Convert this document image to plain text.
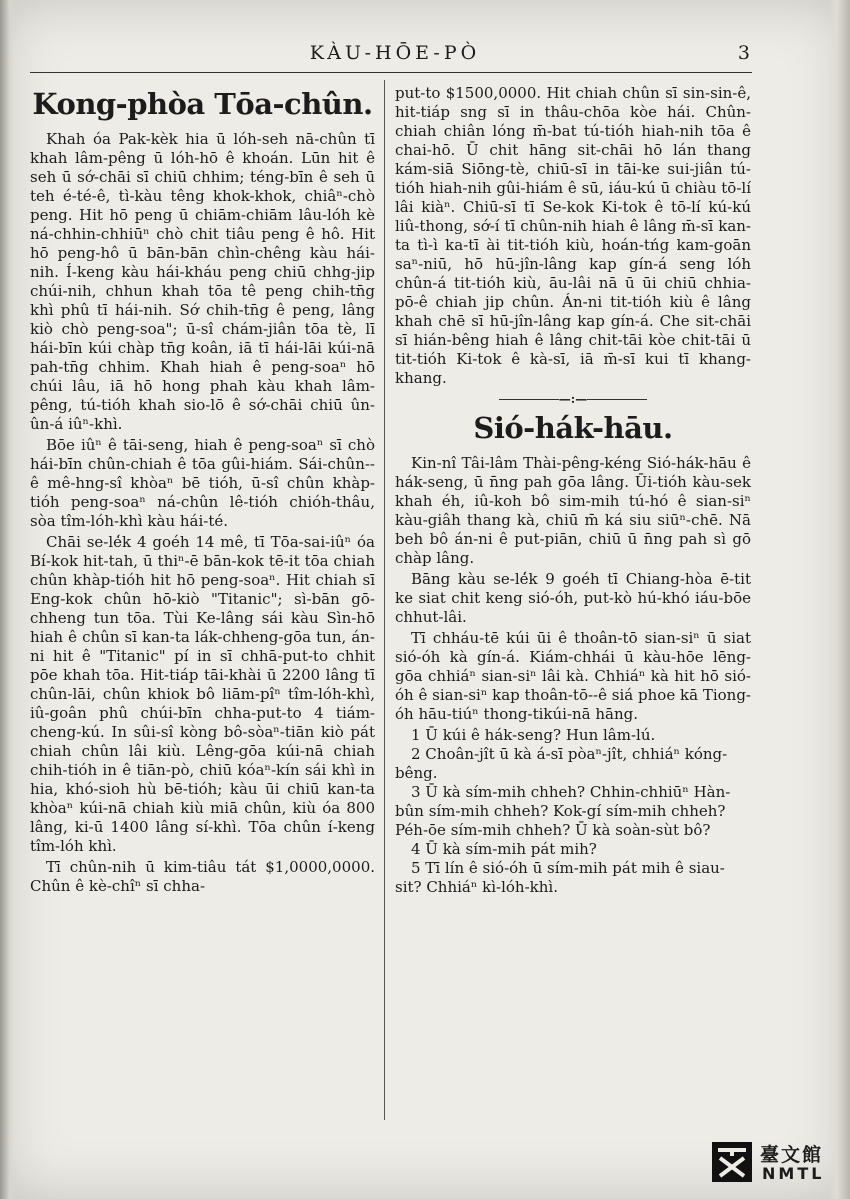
KÀU-HŌE-PÒ	3
Kong-phòa Tōa-chûn.

Khah óa Pak-kèk hia ū lóh-seh nā-chûn tī khah lâm-pêng ū lóh-hō ê khoán. Lūn hit ê seh ū sớ-chāi sī chiū chhim; téng-bīn ê seh ū teh é-té-ê, tì-kàu têng khok-khok, chiâⁿ-chò peng. Hit hō peng ū chiām-chiām lâu-lóh kè ná-chhin-chhiūⁿ chò chit tiâu peng ê hô. Hit hō peng-hô ū bān-bān chìn-chêng kàu hái-nih. Í-keng kàu hái-kháu peng chiū chhg-jip chúi-nih, chhun khah tōa tê peng chih-tn̄g khì phû tī hái-nih. Sớ chih-tn̄g ê peng, lâng kiò chò peng-soa"; ū-sî chám-jiân tōa tè, lī hái-bīn kúi chàp tn̄g koân, iā tī hái-lāi kúi-nā pah-tn̄g chhim. Khah hiah ê peng-soaⁿ hō chúi lâu, iā hō hong phah kàu khah lâm-pêng, tú-tióh khah sio-lō ê sớ-chāi chiū ûn-ûn-á iûⁿ-khì.

Bōe iûⁿ ê tāi-seng, hiah ê peng-soaⁿ sī chò hái-bīn chûn-chiah ê tōa gûi-hiám. Sái-chûn--ê mê-hng-sî khòaⁿ bē tióh, ū-sî chûn khàp-tióh peng-soaⁿ ná-chûn lê-tióh chióh-thâu, sòa tîm-lóh-khì kàu hái-té.

Chāi se-lé̍k 4 goéh 14 mê, tī Tōa-sai-iûⁿ óa Bí-kok hit-tah, ū thiⁿ-ē bān-kok tē-it tōa chiah chûn khàp-tióh hit hō peng-soaⁿ. Hit chiah sī Eng-kok chûn hō-kiò "Titanic"; sì-bān gō-chheng tun tōa. Tùi Ke-lâng sái kàu Sìn-hō hiah ê chûn sī kan-ta lák-chheng-gōa tun, án-ni hit ê "Titanic" pí in sī chhā-put-to chhit pōe khah tōa. Hit-tiáp tāi-khài ū 2200 lâng tī chûn-lāi, chûn khiok bô liām-pîⁿ tîm-lóh-khì, iû-goân phû chúi-bīn chha-put-to 4 tiám-cheng-kú. In sûi-sî kòng bô-sòaⁿ-tiān kiò pát chiah chûn lâi kiù. Lêng-gōa kúi-nā chiah chih-tióh in ê tiān-pò, chiū kóaⁿ-kín sái khì in hia, khó-sioh hù bē-tióh; kàu ūi chiū kan-ta khòaⁿ kúi-nā chiah kiù miā chûn, kiù óa 800 lâng, ki-ū 1400 lâng sí-khì. Tōa chûn í-keng tîm-lóh khì.

Tī chûn-nih ū kim-tiâu tát $1,0000,0000. Chûn ê kè-chîⁿ sī chha-

put-to $1500,0000. Hit chiah chûn sī sin-sin-ê, hit-tiáp sng sī in thâu-chōa kòe hái. Chûn-chiah chiân lóng m̄-bat tú-tióh hiah-nih tōa ê chai-hō. Ū chit hāng sit-chāi hō lán thang kám-siā Siōng-tè, chiū-sī in tāi-ke sui-jiân tú-tióh hiah-nih gûi-hiám ê sū, iáu-kú ū chiàu tō-lí lâi kiàⁿ. Chiū-sī tī Se-kok Ki-tok ê tō-lí kú-kú liû-thong, sớ-í tī chûn-nih hiah ê lâng m̄-sī kan-ta tì-ì ka-tī ài tit-tióh kiù, hoán-tńg kam-goān saⁿ-niū, hō hū-jîn-lâng kap gín-á seng lóh chûn-á tit-tióh kiù, āu-lâi nā ū ūi chiū chhia-pō-ê chiah jip chûn. Án-ni tit-tióh kiù ê lâng khah chē sī hū-jîn-lâng kap gín-á. Che sit-chāi sī hián-bêng hiah ê lâng chit-tāi kòe chit-tāi ū tit-tióh Ki-tok ê kà-sī, iā m̄-sī kui tī khang-khang.

—:—
Sió-hák-hāu.

Kin-nî Tâi-lâm Thài-pêng-kéng Sió-hák-hāu ê hák-seng, ū n̄ng pah gōa lâng. Ūi-tióh kàu-sek khah éh, iû-koh bô sim-mih tú-hó ê sian-siⁿ kàu-giâh thang kà, chiū m̄ ká siu siūⁿ-chē. Nā beh bô án-ni ê put-piān, chiū ū n̄ng pah sì gō chàp lâng.

Bāng kàu se-lé̍k 9 goéh tī Chiang-hòa ē-tit ke siat chit keng sió-óh, put-kò hú-khó iáu-bōe chhut-lâi.

Tī chháu-tē kúi ūi ê thoân-tō sian-siⁿ ū siat sió-óh kà gín-á. Kiám-chhái ū kàu-hōe lēng-gōa chhiáⁿ sian-siⁿ lâi kà. Chhiáⁿ kà hit hō sió-óh ê sian-siⁿ kap thoân-tō--ê siá phoe kā Tiong-óh hāu-tiúⁿ thong-tikúi-nā hāng.

1 Ū kúi ê hák-seng? Hun lâm-lú.

2 Choân-jît ū kà á-sī pòaⁿ-jît, chhiáⁿ kóng-bêng.

3 Ū kà sím-mih chheh? Chhin-chhiūⁿ Hàn-bûn sím-mih chheh? Kok-gí sím-mih chheh? Péh-ōe sím-mih chheh? Ū kà soàn-sùt bô?

4 Ū kà sím-mih pát mih?

5 Tī lín ê sió-óh ū sím-mih pát mih ê siau-sit? Chhiáⁿ kì-lóh-khì.

臺文館
NMTL
